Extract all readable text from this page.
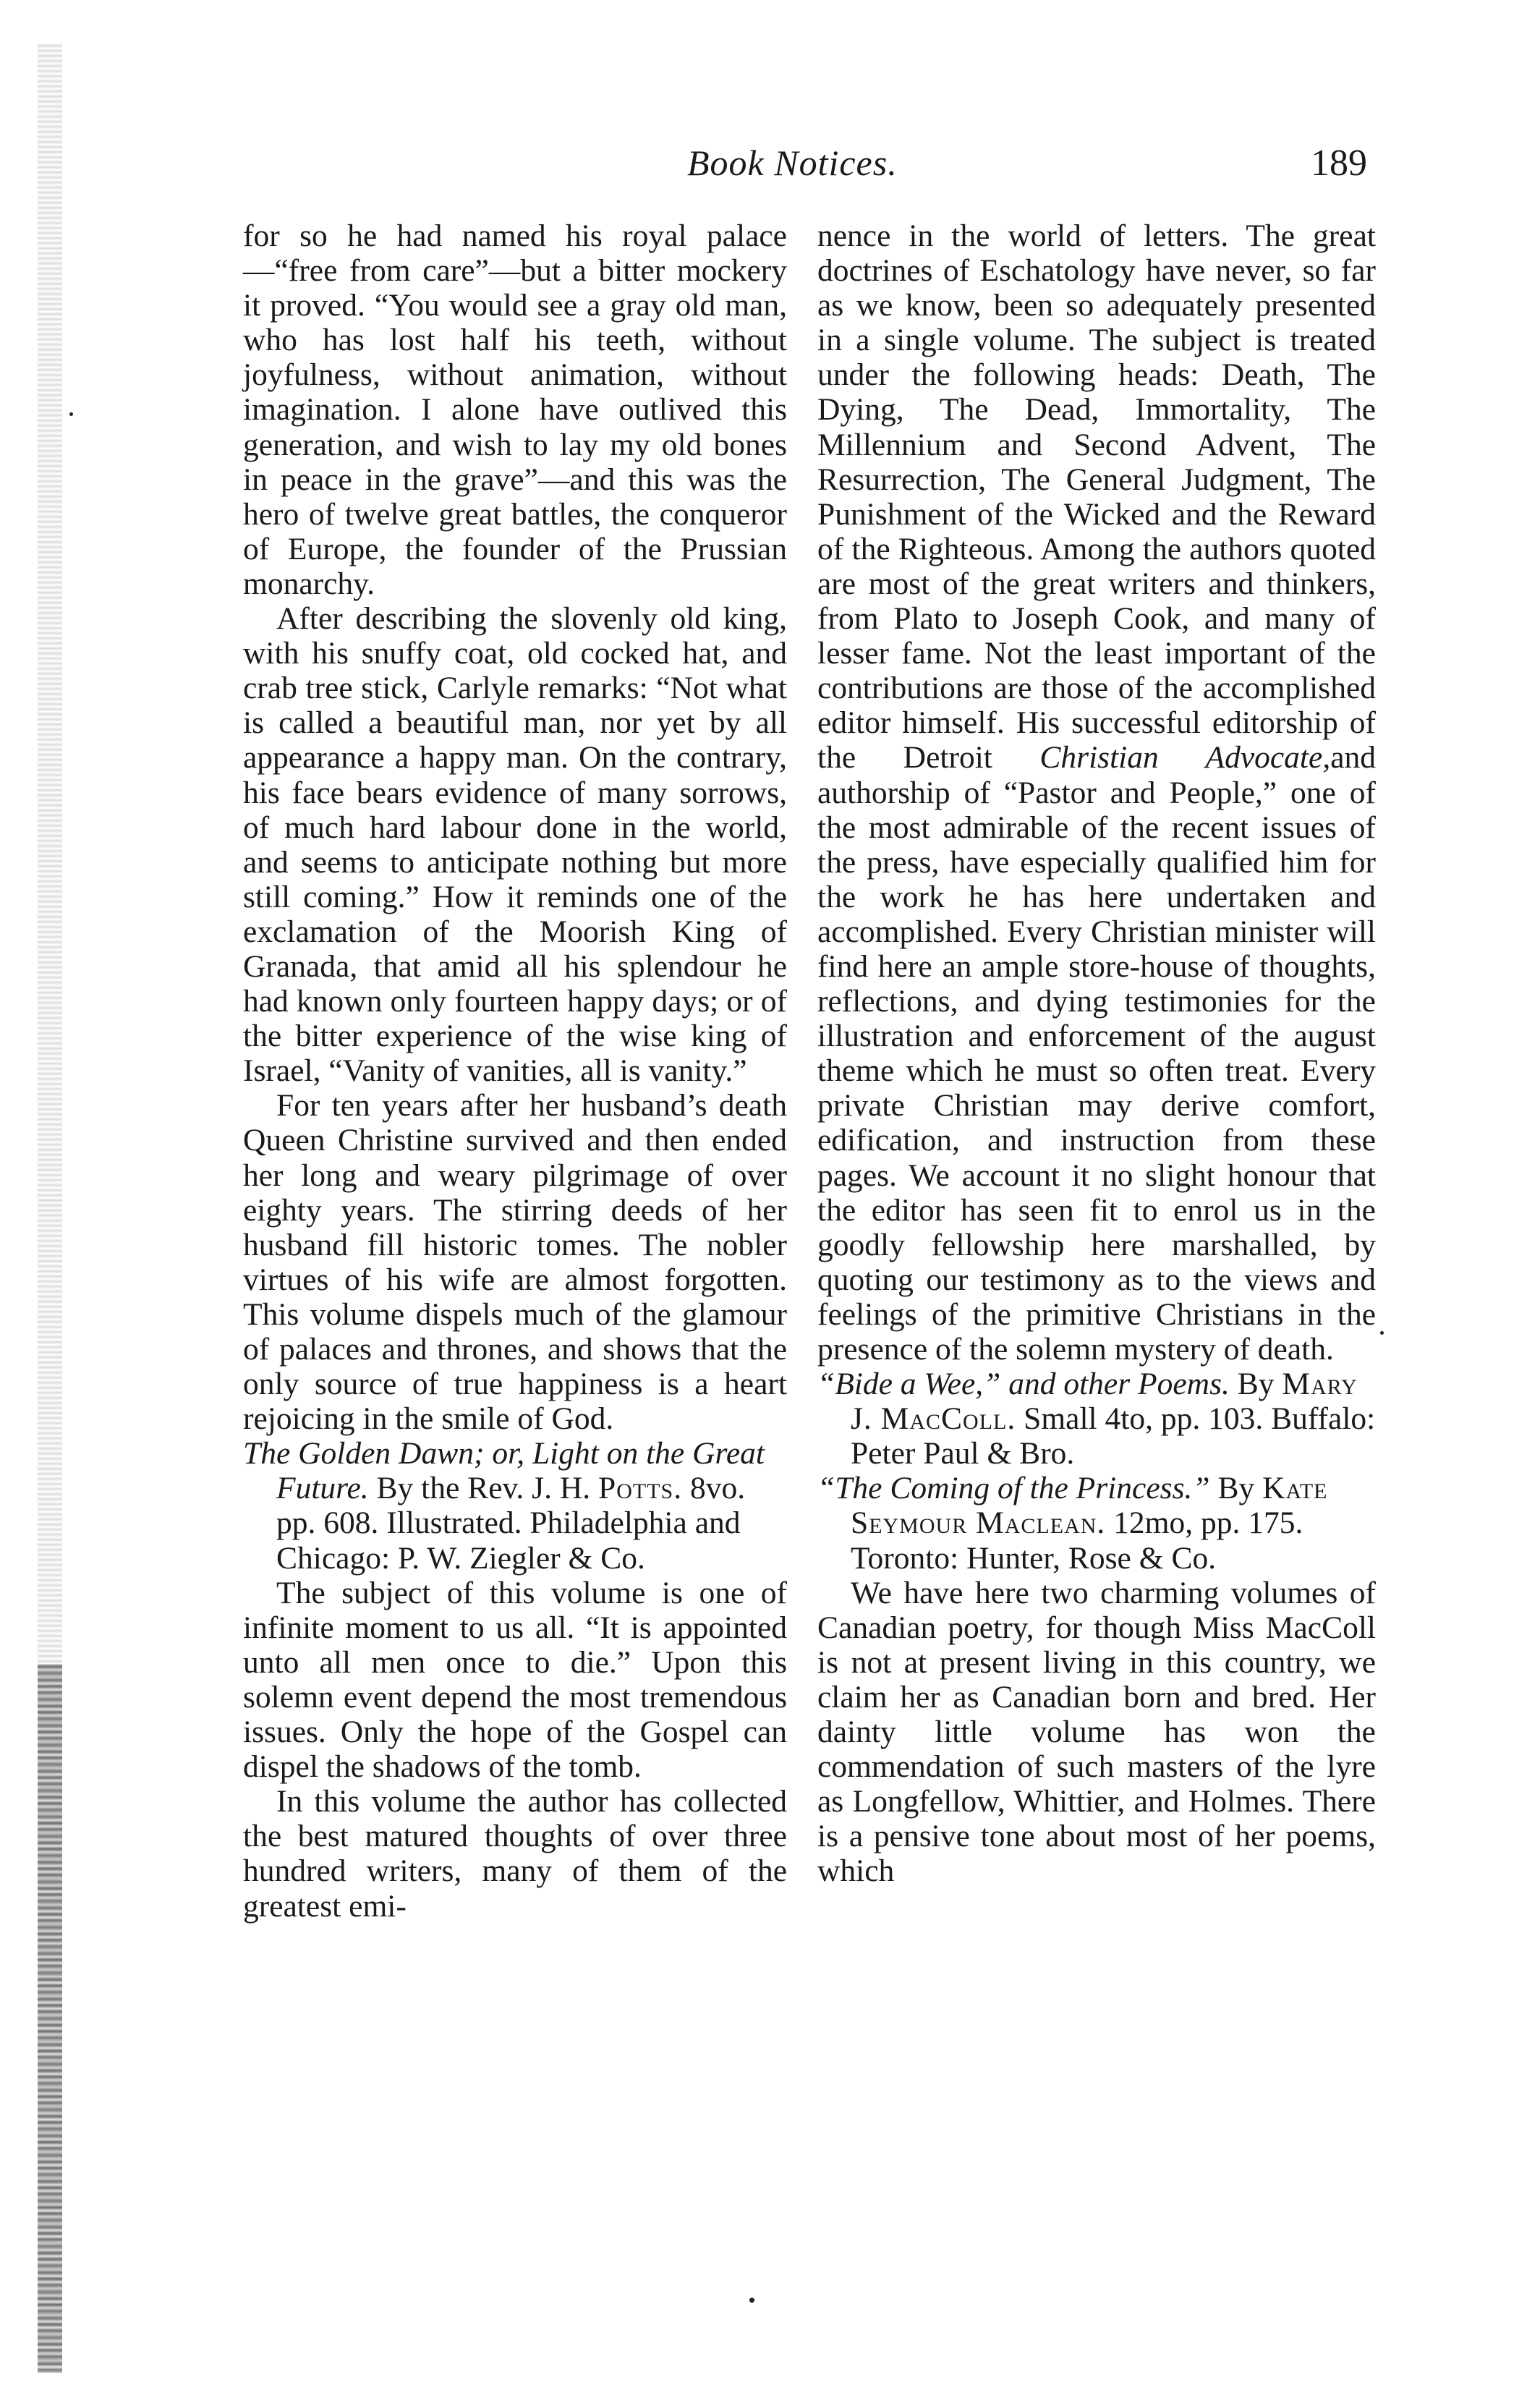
Book Notices.	189

for so he had named his royal palace —“free from care”—but a bitter mockery it proved. “You would see a gray old man, who has lost half his teeth, without joyfulness, without animation, without imagination. I alone have outlived this generation, and wish to lay my old bones in peace in the grave”—and this was the hero of twelve great battles, the conqueror of Europe, the founder of the Prussian monarchy.

After describing the slovenly old king, with his snuffy coat, old cocked hat, and crab tree stick, Carlyle remarks: “Not what is called a beautiful man, nor yet by all appearance a happy man. On the contrary, his face bears evidence of many sorrows, of much hard labour done in the world, and seems to anticipate nothing but more still coming.” How it reminds one of the exclamation of the Moorish King of Granada, that amid all his splendour he had known only fourteen happy days; or of the bitter experience of the wise king of Israel, “Vanity of vanities, all is vanity.”

For ten years after her husband’s death Queen Christine survived and then ended her long and weary pilgrimage of over eighty years. The stirring deeds of her husband fill historic tomes. The nobler virtues of his wife are almost forgotten. This volume dispels much of the glamour of palaces and thrones, and shows that the only source of true happiness is a heart rejoicing in the smile of God.

The Golden Dawn; or, Light on the Great Future. By the Rev. J. H. Potts. 8vo. pp. 608. Illustrated. Philadelphia and Chicago: P. W. Ziegler & Co.

The subject of this volume is one of infinite moment to us all. “It is appointed unto all men once to die.” Upon this solemn event depend the most tremendous issues. Only the hope of the Gospel can dispel the shadows of the tomb.

In this volume the author has collected the best matured thoughts of over three hundred writers, many of them of the greatest emi-

nence in the world of letters. The great doctrines of Eschatology have never, so far as we know, been so adequately presented in a single volume. The subject is treated under the following heads: Death, The Dying, The Dead, Immortality, The Millennium and Second Advent, The Resurrection, The General Judgment, The Punishment of the Wicked and the Reward of the Righteous. Among the authors quoted are most of the great writers and thinkers, from Plato to Joseph Cook, and many of lesser fame. Not the least important of the contributions are those of the accomplished editor himself. His successful editorship of the Detroit Christian Advocate,and authorship of “Pastor and People,” one of the most admirable of the recent issues of the press, have especially qualified him for the work he has here undertaken and accomplished. Every Christian minister will find here an ample store-house of thoughts, reflections, and dying testimonies for the illustration and enforcement of the august theme which he must so often treat. Every private Christian may derive comfort, edification, and instruction from these pages. We account it no slight honour that the editor has seen fit to enrol us in the goodly fellowship here marshalled, by quoting our testimony as to the views and feelings of the primitive Christians in the presence of the solemn mystery of death.

“Bide a Wee,” and other Poems. By Mary J. MacColl. Small 4to, pp. 103. Buffalo: Peter Paul & Bro.

“The Coming of the Princess.” By Kate Seymour Maclean. 12mo, pp. 175. Toronto: Hunter, Rose & Co.

We have here two charming volumes of Canadian poetry, for though Miss MacColl is not at present living in this country, we claim her as Canadian born and bred. Her dainty little volume has won the commendation of such masters of the lyre as Longfellow, Whittier, and Holmes. There is a pensive tone about most of her poems, which
